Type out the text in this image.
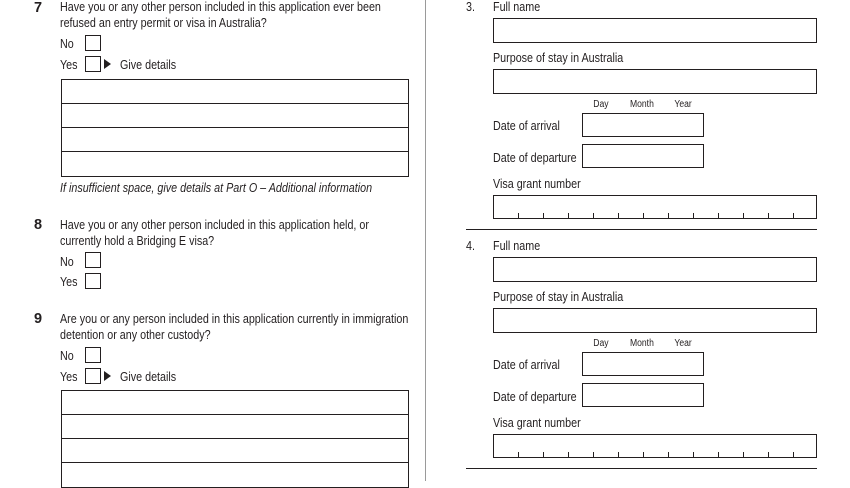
7 Have you or any other person included in this application ever been
refused an entry permit or visa in Australia?
No
Yes	Give details
If insufficient space, give details at Part O – Additional information
8 Have you or any other person included in this application held, or
currently hold a Bridging E visa?
No
Yes
9 Are you or any person included in this application currently in immigration
detention or any other custody?
No
Yes	Give details
3. Full name
Purpose of stay in Australia
Day Month Year
Date of arrival
Date of departure
Visa grant number
4. Full name
Purpose of stay in Australia
Day Month Year
Date of arrival
Date of departure
Visa grant number
